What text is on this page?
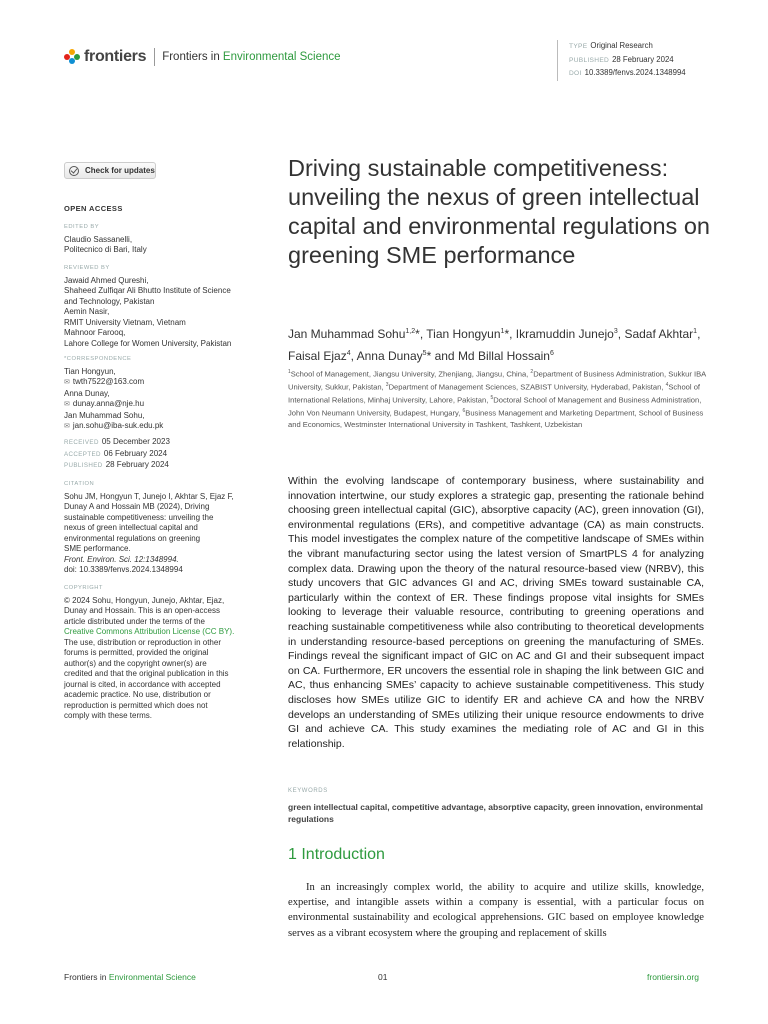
frontiers Frontiers in Environmental Science
TYPE Original Research
PUBLISHED 28 February 2024
DOI 10.3389/fenvs.2024.1348994
Check for updates
OPEN ACCESS
EDITED BY
Claudio Sassanelli,
Politecnico di Bari, Italy
REVIEWED BY
Jawaid Ahmed Qureshi,
Shaheed Zulfiqar Ali Bhutto Institute of Science
and Technology, Pakistan
Aemin Nasir,
RMIT University Vietnam, Vietnam
Mahnoor Farooq,
Lahore College for Women University, Pakistan
*CORRESPONDENCE
Tian Hongyun,
✉ twth7522@163.com
Anna Dunay,
✉ dunay.anna@nje.hu
Jan Muhammad Sohu,
✉ jan.sohu@iba-suk.edu.pk
RECEIVED 05 December 2023
ACCEPTED 06 February 2024
PUBLISHED 28 February 2024
CITATION
Sohu JM, Hongyun T, Junejo I, Akhtar S, Ejaz F,
Dunay A and Hossain MB (2024), Driving
sustainable competitiveness: unveiling the
nexus of green intellectual capital and
environmental regulations on greening
SME performance.
Front. Environ. Sci. 12:1348994.
doi: 10.3389/fenvs.2024.1348994
COPYRIGHT
© 2024 Sohu, Hongyun, Junejo, Akhtar, Ejaz,
Dunay and Hossain. This is an open-access
article distributed under the terms of the
Creative Commons Attribution License (CC BY).
The use, distribution or reproduction in other
forums is permitted, provided the original
author(s) and the copyright owner(s) are
credited and that the original publication in this
journal is cited, in accordance with accepted
academic practice. No use, distribution or
reproduction is permitted which does not
comply with these terms.
Driving sustainable competitiveness: unveiling the nexus of green intellectual capital and environmental regulations on greening SME performance
Jan Muhammad Sohu$^{1,2}$*, Tian Hongyun$^1$*, Ikramuddin Junejo$^3$, Sadaf Akhtar$^1$, Faisal Ejaz$^4$, Anna Dunay$^5$* and Md Billal Hossain$^6$
$^1$School of Management, Jiangsu University, Zhenjiang, Jiangsu, China, $^2$Department of Business Administration, Sukkur IBA University, Sukkur, Pakistan, $^3$Department of Management Sciences, SZABIST University, Hyderabad, Pakistan, $^4$School of International Relations, Minhaj University, Lahore, Pakistan, $^5$Doctoral School of Management and Business Administration, John Von Neumann University, Budapest, Hungary, $^6$Business Management and Marketing Department, School of Business and Economics, Westminster International University in Tashkent, Tashkent, Uzbekistan
Within the evolving landscape of contemporary business, where sustainability and innovation intertwine, our study explores a strategic gap, presenting the rationale behind choosing green intellectual capital (GIC), absorptive capacity (AC), green innovation (GI), environmental regulations (ERs), and competitive advantage (CA) as main constructs. This model investigates the complex nature of the competitive landscape of SMEs within the vibrant manufacturing sector using the latest version of SmartPLS 4 for analyzing complex data. Drawing upon the theory of the natural resource-based view (NRBV), this study uncovers that GIC advances GI and AC, driving SMEs toward sustainable CA, particularly within the context of ER. These findings propose vital insights for SMEs looking to leverage their valuable resource, contributing to greening operations and reaching sustainable competitiveness while also contributing to theoretical developments in understanding resource-based perceptions on greening the manufacturing of SMEs. Findings reveal the significant impact of GIC on AC and GI and their subsequent impact on CA. Furthermore, ER uncovers the essential role in shaping the link between GIC and AC, thus enhancing SMEs’ capacity to achieve sustainable competitiveness. This study discloses how SMEs utilize GIC to identify ER and achieve CA and how the NRBV develops an understanding of SMEs utilizing their unique resource endowments to drive GI and achieve CA. This study examines the mediating role of AC and GI in this relationship.
KEYWORDS
green intellectual capital, competitive advantage, absorptive capacity, green innovation, environmental regulations
1 Introduction
In an increasingly complex world, the ability to acquire and utilize skills, knowledge, expertise, and intangible assets within a company is essential, with a particular focus on environmental sustainability and ecological apprehensions. GIC based on employee knowledge serves as a vibrant ecosystem where the grouping and replacement of skills
Frontiers in Environmental Science	01	frontiersin.org
